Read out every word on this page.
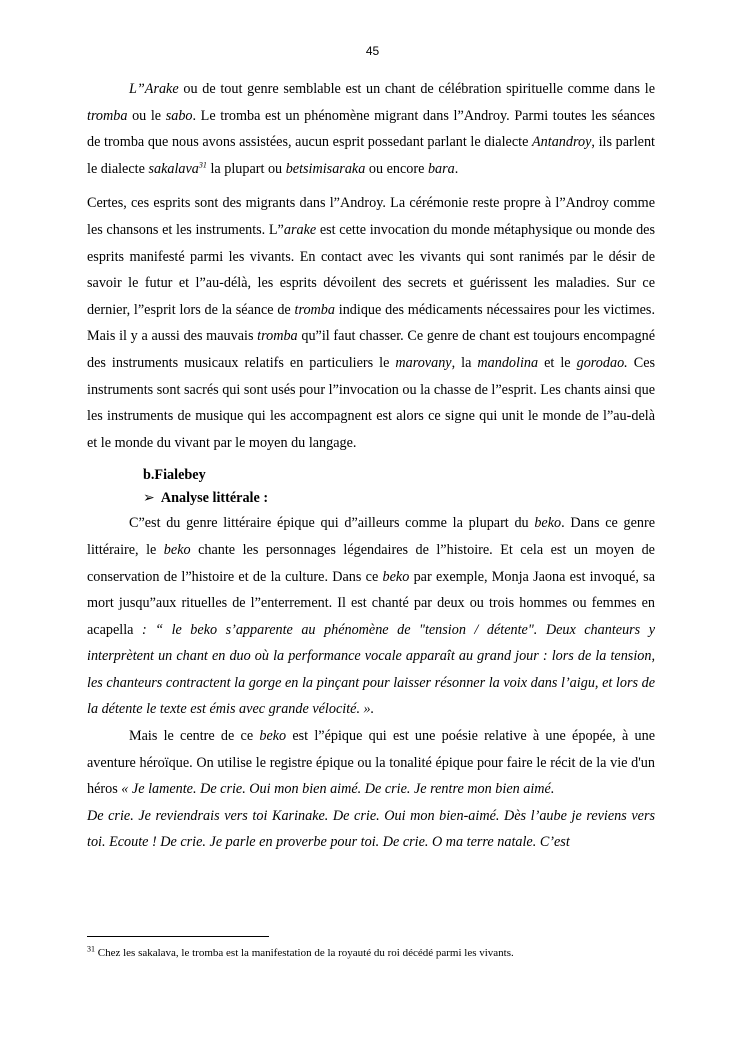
45

L”Arake ou de tout genre semblable est un chant de célébration spirituelle comme dans le tromba ou le sabo. Le tromba est un phénomène migrant dans l”Androy. Parmi toutes les séances de tromba que nous avons assistées, aucun esprit possedant parlant le dialecte Antandroy, ils parlent le dialecte sakalava$^{31}$ la plupart ou betsimisaraka ou encore bara.

Certes, ces esprits sont des migrants dans l”Androy. La cérémonie reste propre à l”Androy comme les chansons et les instruments. L”arake est cette invocation du monde métaphysique ou monde des esprits manifesté parmi les vivants. En contact avec les vivants qui sont ranimés par le désir de savoir le futur et l”au-délà, les esprits dévoilent des secrets et guérissent les maladies. Sur ce dernier, l”esprit lors de la séance de tromba indique des médicaments nécessaires pour les victimes. Mais il y a aussi des mauvais tromba qu”il faut chasser. Ce genre de chant est toujours encompagné des instruments musicaux relatifs en particuliers le marovany, la mandolina et le gorodao. Ces instruments sont sacrés qui sont usés pour l”invocation ou la chasse de l”esprit. Les chants ainsi que les instruments de musique qui les accompagnent est alors ce signe qui unit le monde de l”au-delà et le monde du vivant par le moyen du langage.

b.Fialebey

➢ Analyse littérale :

C”est du genre littéraire épique qui d”ailleurs comme la plupart du beko. Dans ce genre littéraire, le beko chante les personnages légendaires de l”histoire. Et cela est un moyen de conservation de l”histoire et de la culture. Dans ce beko par exemple, Monja Jaona est invoqué, sa mort jusqu”aux rituelles de l”enterrement. Il est chanté par deux ou trois hommes ou femmes en acapella : “ le beko s’apparente au phénomène de "tension / détente". Deux chanteurs y interprètent un chant en duo où la performance vocale apparaît au grand jour : lors de la tension, les chanteurs contractent la gorge en la pinçant pour laisser résonner la voix dans l’aigu, et lors de la détente le texte est émis avec grande vélocité. ».

Mais le centre de ce beko est l”épique qui est une poésie relative à une épopée, à une aventure héroïque. On utilise le registre épique ou la tonalité épique pour faire le récit de la vie d'un héros « Je lamente. De crie. Oui mon bien aimé. De crie. Je rentre mon bien aimé.
De crie. Je reviendrais vers toi Karinake. De crie. Oui mon bien-aimé. Dès l’aube je reviens vers toi. Ecoute ! De crie. Je parle en proverbe pour toi. De crie. O ma terre natale. C’est

$^{31}$ Chez les sakalava, le tromba est la manifestation de la royauté du roi décédé parmi les vivants.
